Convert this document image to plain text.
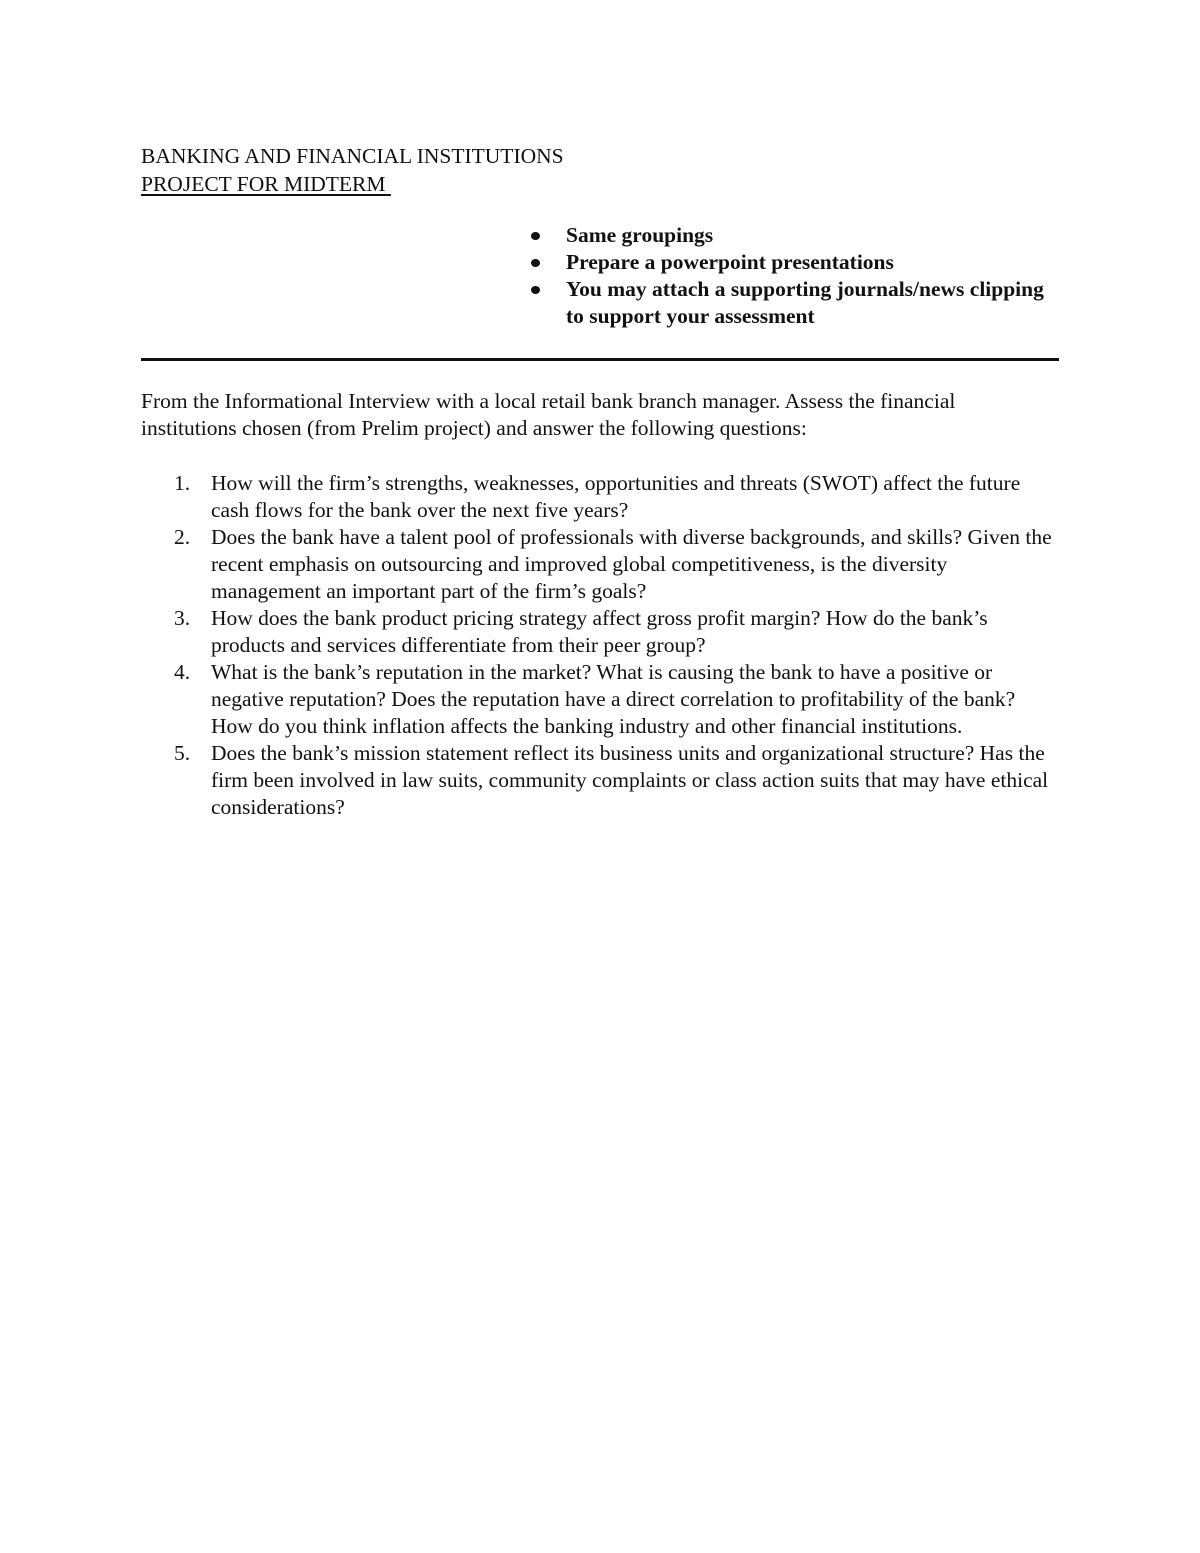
BANKING AND FINANCIAL INSTITUTIONS
PROJECT FOR MIDTERM
Same groupings
Prepare a powerpoint presentations
You may attach a supporting journals/news clipping to support your assessment

From the Informational Interview with a local retail bank branch manager. Assess the financial institutions chosen (from Prelim project) and answer the following questions:

1. How will the firm’s strengths, weaknesses, opportunities and threats (SWOT) affect the future cash flows for the bank over the next five years?
2. Does the bank have a talent pool of professionals with diverse backgrounds, and skills? Given the recent emphasis on outsourcing and improved global competitiveness, is the diversity management an important part of the firm’s goals?
3. How does the bank product pricing strategy affect gross profit margin? How do the bank’s products and services differentiate from their peer group?
4. What is the bank’s reputation in the market? What is causing the bank to have a positive or negative reputation? Does the reputation have a direct correlation to profitability of the bank? How do you think inflation affects the banking industry and other financial institutions.
5. Does the bank’s mission statement reflect its business units and organizational structure? Has the firm been involved in law suits, community complaints or class action suits that may have ethical considerations?
